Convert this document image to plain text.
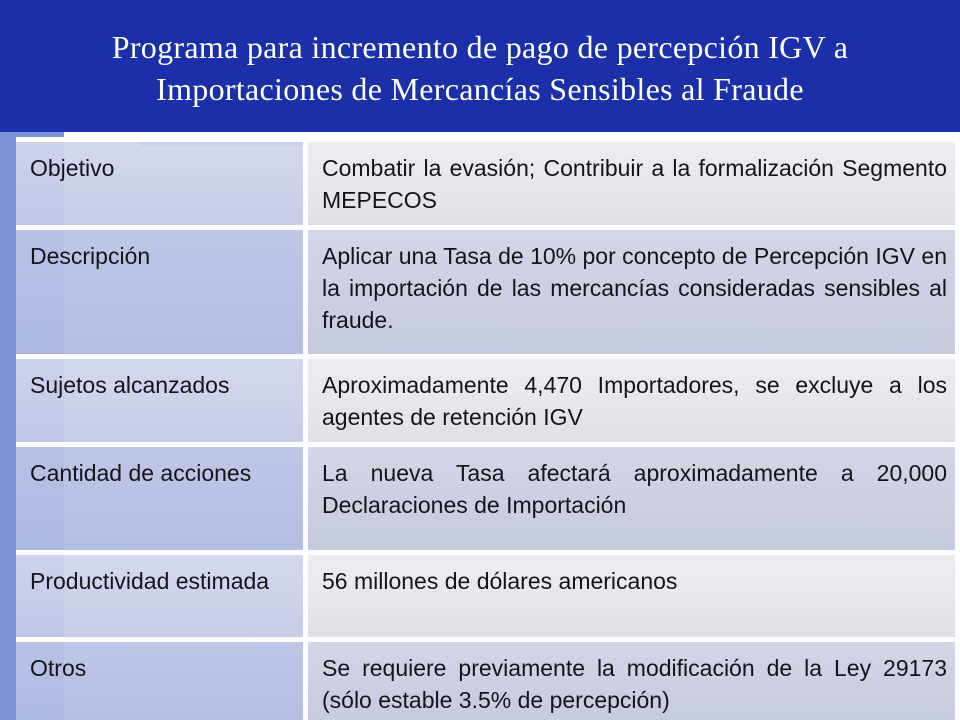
Programa para incremento de pago de percepción IGV a
Importaciones de Mercancías Sensibles al Fraude
Objetivo	Combatir la evasión; Contribuir a la formalización Segmento MEPECOS
Descripción	Aplicar una Tasa de 10% por concepto de Percepción IGV en la importación de las mercancías consideradas sensibles al fraude.
Sujetos alcanzados	Aproximadamente 4,470 Importadores, se excluye a los agentes de retención IGV
Cantidad de acciones	La nueva Tasa afectará aproximadamente a 20,000 Declaraciones de Importación
Productividad estimada	56 millones de dólares americanos
Otros	Se requiere previamente la modificación de la Ley 29173 (sólo estable 3.5% de percepción)
